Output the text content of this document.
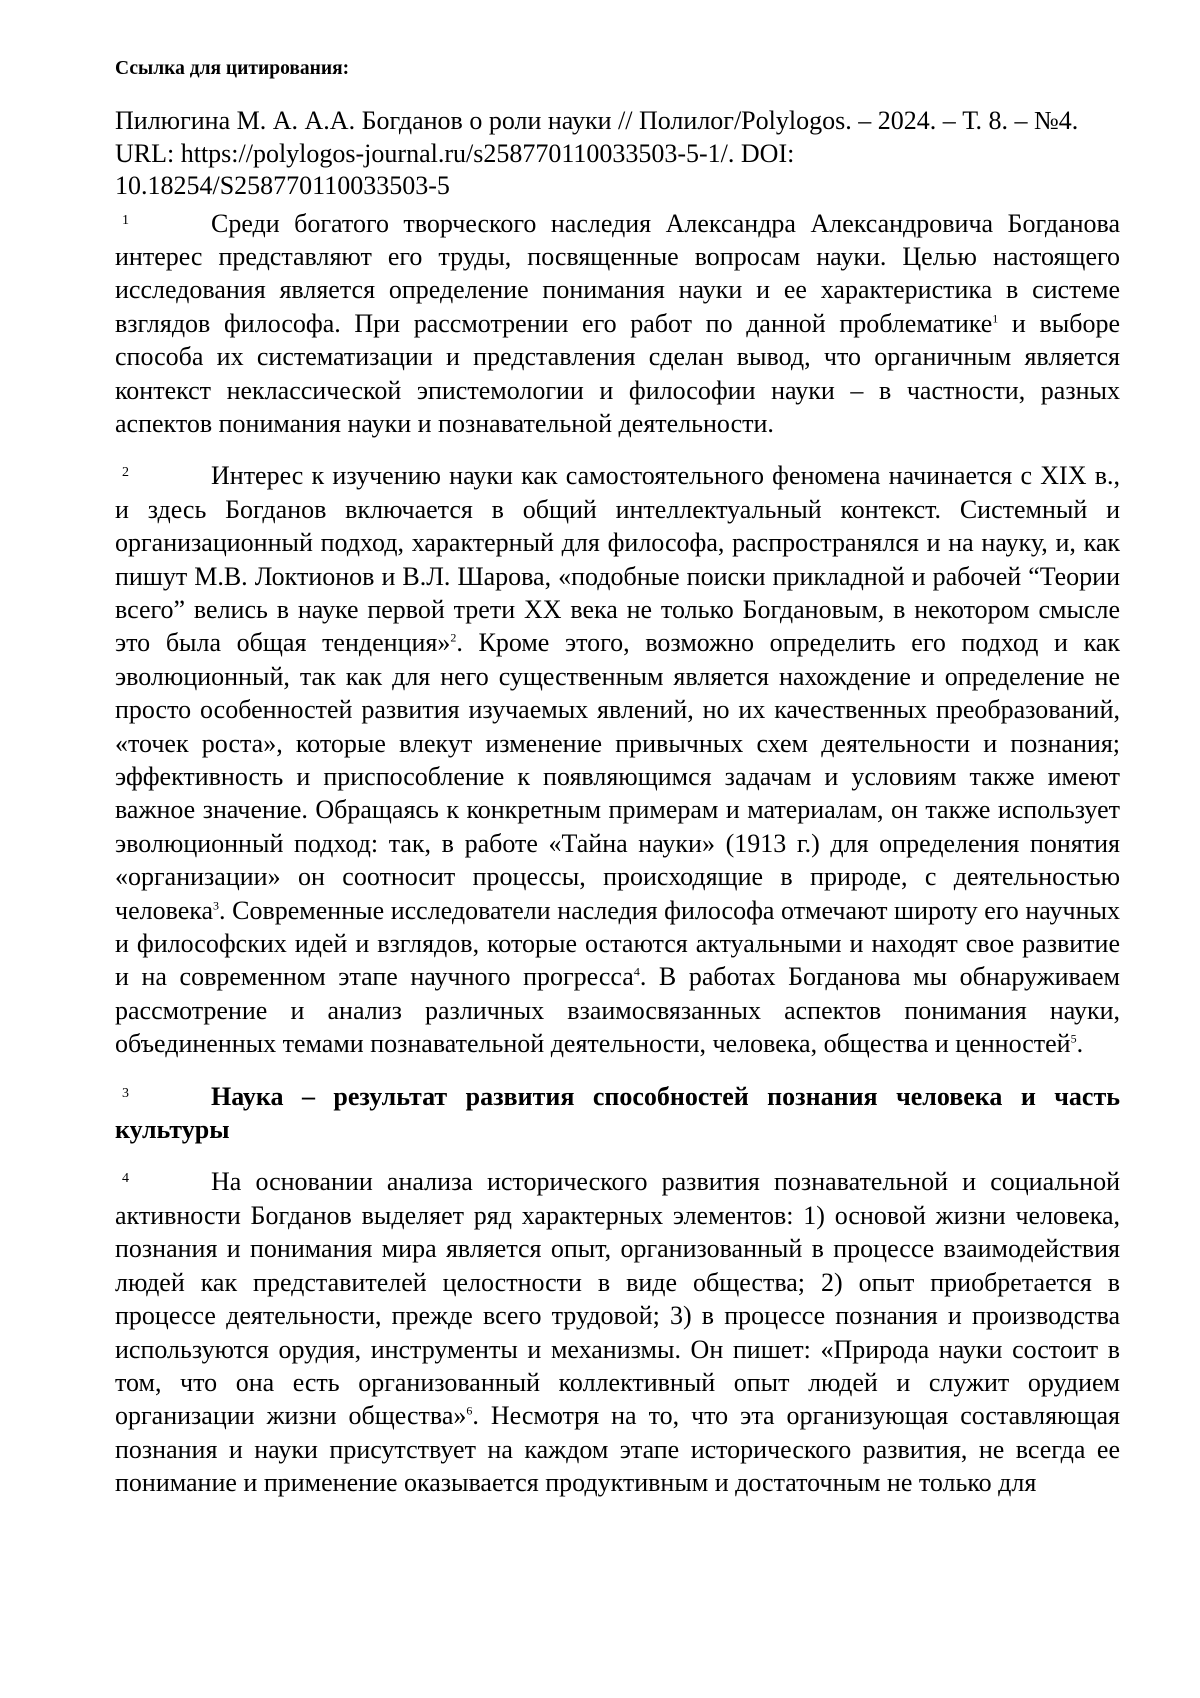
Ссылка для цитирования:

Пилюгина М. А. А.А. Богданов о роли науки // Полилог/Polylogos. – 2024. – Т. 8. – №4. URL: https://polylogos-journal.ru/s258770110033503-5-1/. DOI: 10.18254/S258770110033503-5

1	Среди богатого творческого наследия Александра Александровича Богданова интерес представляют его труды, посвященные вопросам науки. Целью настоящего исследования является определение понимания науки и ее характеристика в системе взглядов философа. При рассмотрении его работ по данной проблематике$^1$ и выборе способа их систематизации и представления сделан вывод, что органичным является контекст неклассической эпистемологии и философии науки – в частности, разных аспектов понимания науки и познавательной деятельности.

2	Интерес к изучению науки как самостоятельного феномена начинается с XIX в., и здесь Богданов включается в общий интеллектуальный контекст. Системный и организационный подход, характерный для философа, распространялся и на науку, и, как пишут М.В. Локтионов и В.Л. Шарова, «подобные поиски прикладной и рабочей “Теории всего” велись в науке первой трети XX века не только Богдановым, в некотором смысле это была общая тенденция»$^2$. Кроме этого, возможно определить его подход и как эволюционный, так как для него существенным является нахождение и определение не просто особенностей развития изучаемых явлений, но их качественных преобразований, «точек роста», которые влекут изменение привычных схем деятельности и познания; эффективность и приспособление к появляющимся задачам и условиям также имеют важное значение. Обращаясь к конкретным примерам и материалам, он также использует эволюционный подход: так, в работе «Тайна науки» (1913 г.) для определения понятия «организации» он соотносит процессы, происходящие в природе, с деятельностью человека$^3$. Современные исследователи наследия философа отмечают широту его научных и философских идей и взглядов, которые остаются актуальными и находят свое развитие и на современном этапе научного прогресса$^4$. В работах Богданова мы обнаруживаем рассмотрение и анализ различных взаимосвязанных аспектов понимания науки, объединенных темами познавательной деятельности, человека, общества и ценностей$^5$.

3	Наука – результат развития способностей познания человека и часть культуры

4	На основании анализа исторического развития познавательной и социальной активности Богданов выделяет ряд характерных элементов: 1) основой жизни человека, познания и понимания мира является опыт, организованный в процессе взаимодействия людей как представителей целостности в виде общества; 2) опыт приобретается в процессе деятельности, прежде всего трудовой; 3) в процессе познания и производства используются орудия, инструменты и механизмы. Он пишет: «Природа науки состоит в том, что она есть организованный коллективный опыт людей и служит орудием организации жизни общества»$^6$. Несмотря на то, что эта организующая составляющая познания и науки присутствует на каждом этапе исторического развития, не всегда ее понимание и применение оказывается продуктивным и достаточным не только для
